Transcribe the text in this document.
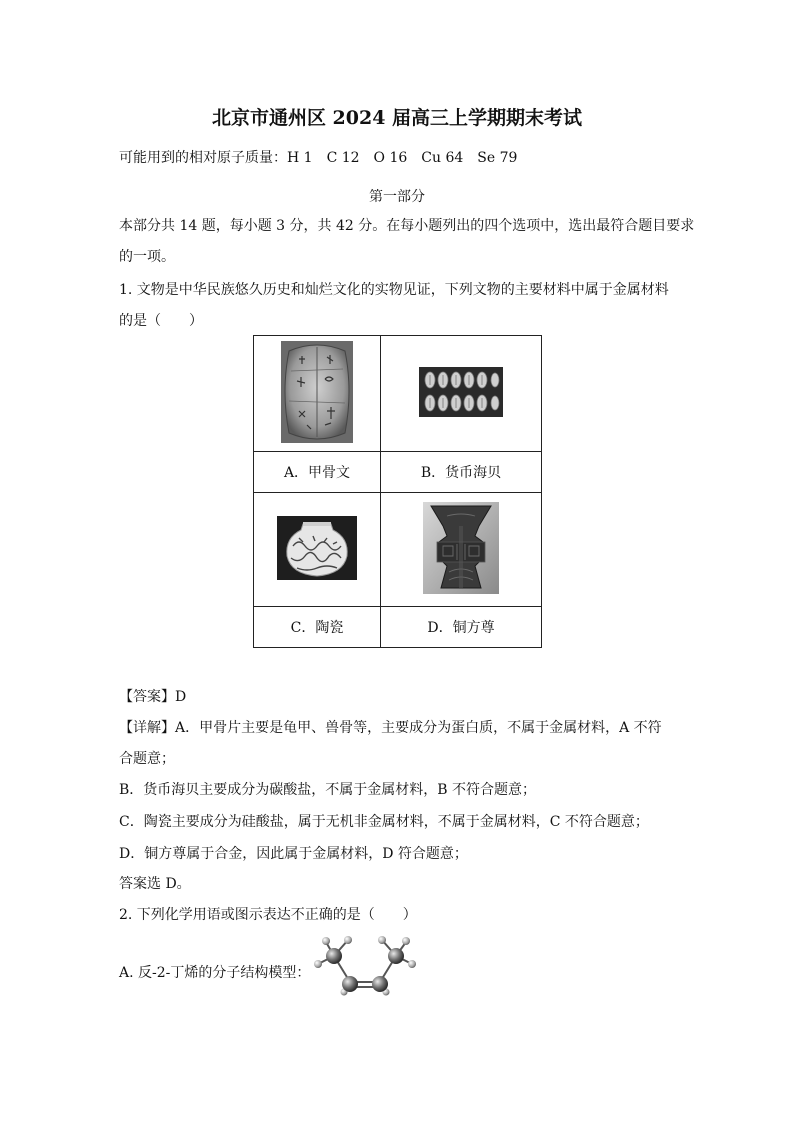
北京市通州区 2024 届高三上学期期末考试
可能用到的相对原子质量：H 1　C 12　O 16　Cu 64　Se 79
第一部分
本部分共 14 题，每小题 3 分，共 42 分。在每小题列出的四个选项中，选出最符合题目要求
的一项。
1. 文物是中华民族悠久历史和灿烂文化的实物见证，下列文物的主要材料中属于金属材料
的是（　　）

A．甲骨文	B．货币海贝

C．陶瓷	D．铜方尊
【答案】D
【详解】A．甲骨片主要是龟甲、兽骨等，主要成分为蛋白质，不属于金属材料，A 不符
合题意；
B．货币海贝主要成分为碳酸盐，不属于金属材料，B 不符合题意；
C．陶瓷主要成分为硅酸盐，属于无机非金属材料，不属于金属材料，C 不符合题意；
D．铜方尊属于合金，因此属于金属材料，D 符合题意；
答案选 D。
2. 下列化学用语或图示表达不正确的是（　　）
A. 反-2-丁烯的分子结构模型：
